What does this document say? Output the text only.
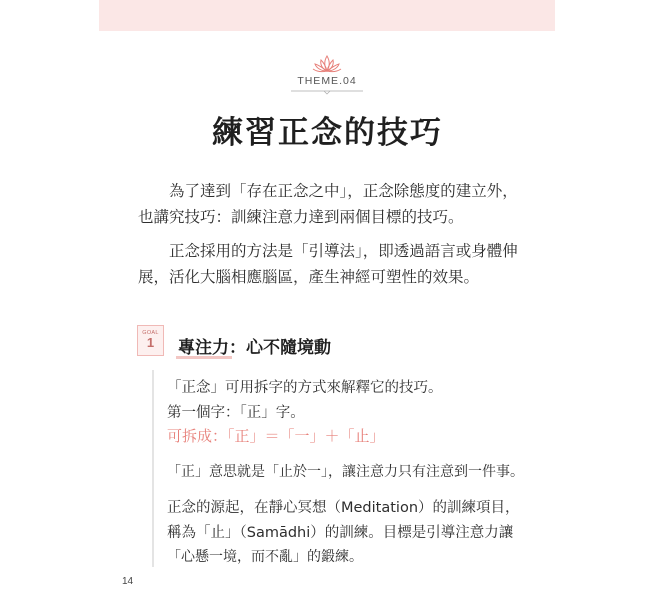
THEME.04
練習正念的技巧
為了達到「存在正念之中」，正念除態度的建立外，也講究技巧：訓練注意力達到兩個目標的技巧。
正念採用的方法是「引導法」，即透過語言或身體伸展，活化大腦相應腦區，產生神經可塑性的效果。
GOAL
1	專注力：心不隨境動
「正念」可用拆字的方式來解釋它的技巧。
第一個字：「正」字。
可拆成：「正」＝「一」＋「止」
「正」意思就是「止於一」，讓注意力只有注意到一件事。
正念的源起，在靜心冥想（Meditation）的訓練項目，
稱為「止」（Samādhi）的訓練。目標是引導注意力讓
「心懸一境，而不亂」的鍛練。
14
